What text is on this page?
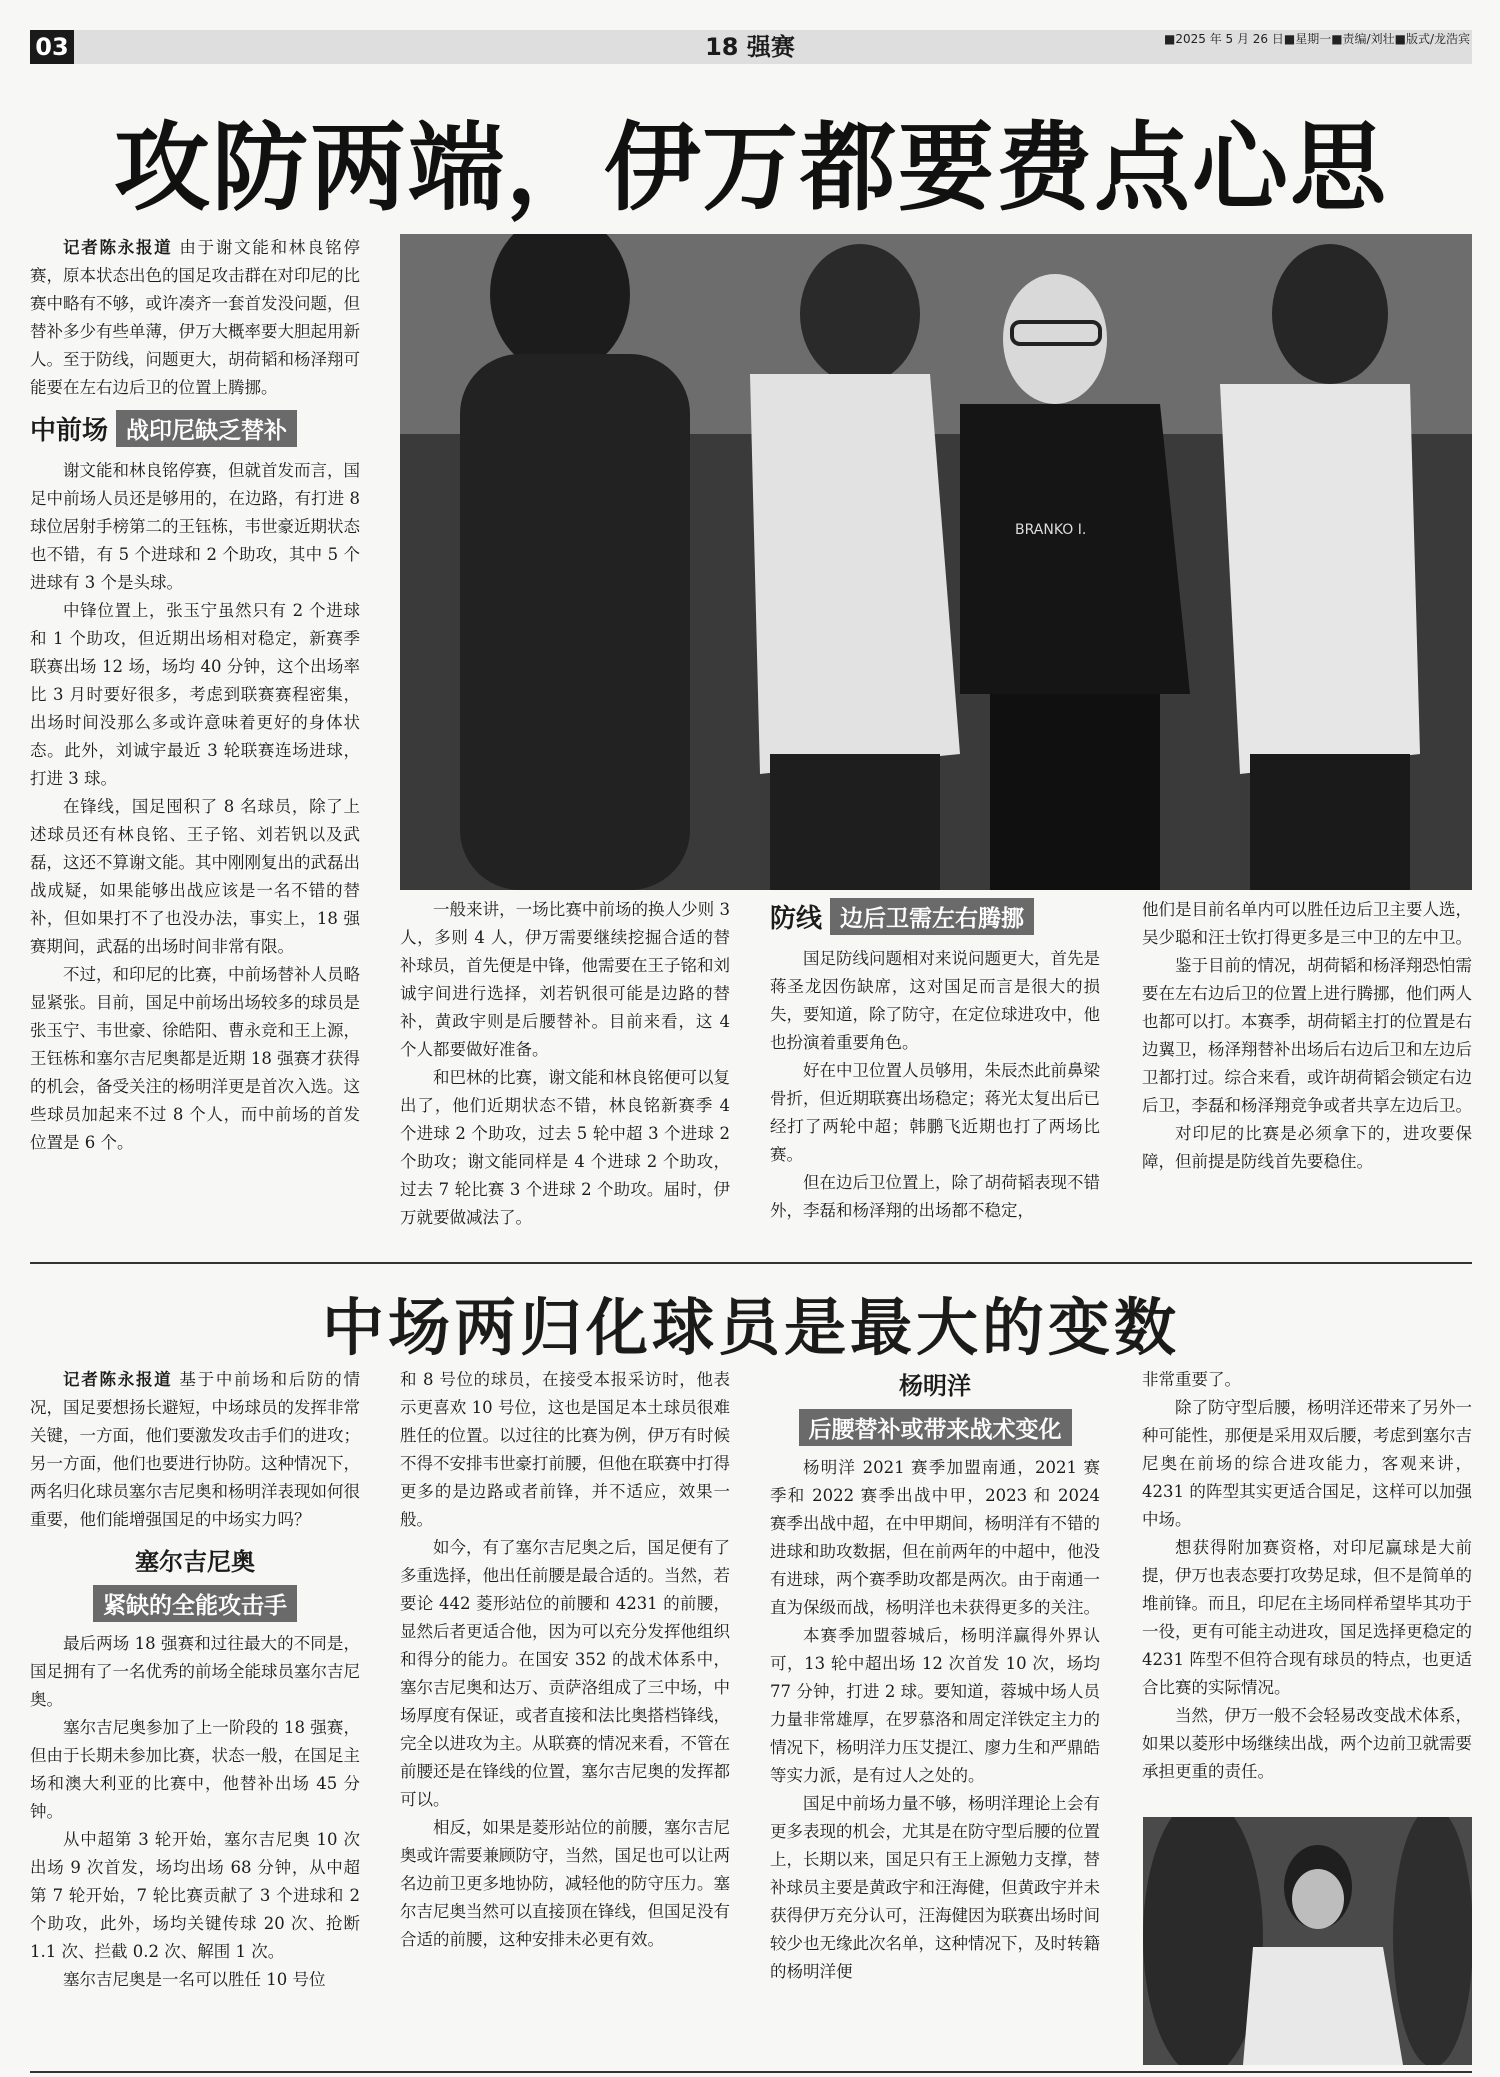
03	18 强赛	■2025 年 5 月 26 日■星期一■责编/刘壮■版式/龙浩宾
攻防两端，伊万都要费点心思

记者陈永报道 由于谢文能和林良铭停赛，原本状态出色的国足攻击群在对印尼的比赛中略有不够，或许凑齐一套首发没问题，但替补多少有些单薄，伊万大概率要大胆起用新人。至于防线，问题更大，胡荷韬和杨泽翔可能要在左右边后卫的位置上腾挪。

中前场 战印尼缺乏替补

谢文能和林良铭停赛，但就首发而言，国足中前场人员还是够用的，在边路，有打进 8 球位居射手榜第二的王钰栋，韦世豪近期状态也不错，有 5 个进球和 2 个助攻，其中 5 个进球有 3 个是头球。

中锋位置上，张玉宁虽然只有 2 个进球和 1 个助攻，但近期出场相对稳定，新赛季联赛出场 12 场，场均 40 分钟，这个出场率比 3 月时要好很多，考虑到联赛赛程密集，出场时间没那么多或许意味着更好的身体状态。此外，刘诚宇最近 3 轮联赛连场进球，打进 3 球。

在锋线，国足囤积了 8 名球员，除了上述球员还有林良铭、王子铭、刘若钒以及武磊，这还不算谢文能。其中刚刚复出的武磊出战成疑，如果能够出战应该是一名不错的替补，但如果打不了也没办法，事实上，18 强赛期间，武磊的出场时间非常有限。

不过，和印尼的比赛，中前场替补人员略显紧张。目前，国足中前场出场较多的球员是张玉宁、韦世豪、徐皓阳、曹永竞和王上源，王钰栋和塞尔吉尼奥都是近期 18 强赛才获得的机会，备受关注的杨明洋更是首次入选。这些球员加起来不过 8 个人，而中前场的首发位置是 6 个。

BRANKO I.

一般来讲，一场比赛中前场的换人少则 3 人，多则 4 人，伊万需要继续挖掘合适的替补球员，首先便是中锋，他需要在王子铭和刘诚宇间进行选择，刘若钒很可能是边路的替补，黄政宇则是后腰替补。目前来看，这 4 个人都要做好准备。

和巴林的比赛，谢文能和林良铭便可以复出了，他们近期状态不错，林良铭新赛季 4 个进球 2 个助攻，过去 5 轮中超 3 个进球 2 个助攻；谢文能同样是 4 个进球 2 个助攻，过去 7 轮比赛 3 个进球 2 个助攻。届时，伊万就要做减法了。

防线 边后卫需左右腾挪

国足防线问题相对来说问题更大，首先是蒋圣龙因伤缺席，这对国足而言是很大的损失，要知道，除了防守，在定位球进攻中，他也扮演着重要角色。

好在中卫位置人员够用，朱辰杰此前鼻梁骨折，但近期联赛出场稳定；蒋光太复出后已经打了两轮中超；韩鹏飞近期也打了两场比赛。

但在边后卫位置上，除了胡荷韬表现不错外，李磊和杨泽翔的出场都不稳定，

他们是目前名单内可以胜任边后卫主要人选，吴少聪和汪士钦打得更多是三中卫的左中卫。

鉴于目前的情况，胡荷韬和杨泽翔恐怕需要在左右边后卫的位置上进行腾挪，他们两人也都可以打。本赛季，胡荷韬主打的位置是右边翼卫，杨泽翔替补出场后右边后卫和左边后卫都打过。综合来看，或许胡荷韬会锁定右边后卫，李磊和杨泽翔竞争或者共享左边后卫。

对印尼的比赛是必须拿下的，进攻要保障，但前提是防线首先要稳住。

中场两归化球员是最大的变数

记者陈永报道 基于中前场和后防的情况，国足要想扬长避短，中场球员的发挥非常关键，一方面，他们要激发攻击手们的进攻；另一方面，他们也要进行协防。这种情况下，两名归化球员塞尔吉尼奥和杨明洋表现如何很重要，他们能增强国足的中场实力吗？

塞尔吉尼奥
紧缺的全能攻击手

最后两场 18 强赛和过往最大的不同是，国足拥有了一名优秀的前场全能球员塞尔吉尼奥。

塞尔吉尼奥参加了上一阶段的 18 强赛，但由于长期未参加比赛，状态一般，在国足主场和澳大利亚的比赛中，他替补出场 45 分钟。

从中超第 3 轮开始，塞尔吉尼奥 10 次出场 9 次首发，场均出场 68 分钟，从中超第 7 轮开始，7 轮比赛贡献了 3 个进球和 2 个助攻，此外，场均关键传球 20 次、抢断 1.1 次、拦截 0.2 次、解围 1 次。

塞尔吉尼奥是一名可以胜任 10 号位

和 8 号位的球员，在接受本报采访时，他表示更喜欢 10 号位，这也是国足本土球员很难胜任的位置。以过往的比赛为例，伊万有时候不得不安排韦世豪打前腰，但他在联赛中打得更多的是边路或者前锋，并不适应，效果一般。

如今，有了塞尔吉尼奥之后，国足便有了多重选择，他出任前腰是最合适的。当然，若要论 442 菱形站位的前腰和 4231 的前腰，显然后者更适合他，因为可以充分发挥他组织和得分的能力。在国安 352 的战术体系中，塞尔吉尼奥和达万、贡萨洛组成了三中场，中场厚度有保证，或者直接和法比奥搭档锋线，完全以进攻为主。从联赛的情况来看，不管在前腰还是在锋线的位置，塞尔吉尼奥的发挥都可以。

相反，如果是菱形站位的前腰，塞尔吉尼奥或许需要兼顾防守，当然，国足也可以让两名边前卫更多地协防，减轻他的防守压力。塞尔吉尼奥当然可以直接顶在锋线，但国足没有合适的前腰，这种安排未必更有效。

杨明洋
后腰替补或带来战术变化

杨明洋 2021 赛季加盟南通，2021 赛季和 2022 赛季出战中甲，2023 和 2024 赛季出战中超，在中甲期间，杨明洋有不错的进球和助攻数据，但在前两年的中超中，他没有进球，两个赛季助攻都是两次。由于南通一直为保级而战，杨明洋也未获得更多的关注。

本赛季加盟蓉城后，杨明洋赢得外界认可，13 轮中超出场 12 次首发 10 次，场均 77 分钟，打进 2 球。要知道，蓉城中场人员力量非常雄厚，在罗慕洛和周定洋铁定主力的情况下，杨明洋力压艾提江、廖力生和严鼎皓等实力派，是有过人之处的。

国足中前场力量不够，杨明洋理论上会有更多表现的机会，尤其是在防守型后腰的位置上，长期以来，国足只有王上源勉力支撑，替补球员主要是黄政宇和汪海健，但黄政宇并未获得伊万充分认可，汪海健因为联赛出场时间较少也无缘此次名单，这种情况下，及时转籍的杨明洋便

非常重要了。

除了防守型后腰，杨明洋还带来了另外一种可能性，那便是采用双后腰，考虑到塞尔吉尼奥在前场的综合进攻能力，客观来讲，4231 的阵型其实更适合国足，这样可以加强中场。

想获得附加赛资格，对印尼赢球是大前提，伊万也表态要打攻势足球，但不是简单的堆前锋。而且，印尼在主场同样希望毕其功于一役，更有可能主动进攻，国足选择更稳定的 4231 阵型不但符合现有球员的特点，也更适合比赛的实际情况。

当然，伊万一般不会轻易改变战术体系，如果以菱形中场继续出战，两个边前卫就需要承担更重的责任。
